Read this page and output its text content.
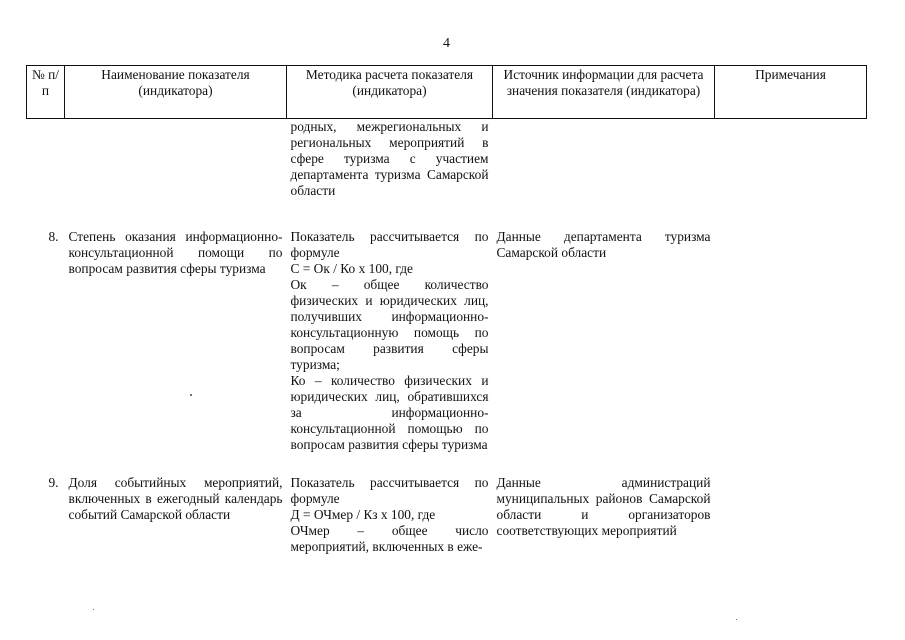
4
№ п/п	Наименование показателя (индикатора)	Методика расчета показателя (индикатора)	Источник информации для расчета значения показателя (индикатора)	Примечания
		родных, межрегиональных и региональных мероприятий в сфере туризма с участием департамента туризма Самарской области		
8.	Степень оказания информационно-консультационной помощи по вопросам развития сферы туризма	Показатель рассчитывается по формуле
С = Ок / Ко х 100, где
Ок – общее количество физических и юридических лиц, получивших информационно-консультационную помощь по вопросам развития сферы туризма;
Ко – количество физических и юридических лиц, обратившихся за информационно-консультационной помощью по вопросам развития сферы туризма	Данные департамента туризма Самарской области	
9.	Доля событийных мероприятий, включенных в ежегодный календарь событий Самарской области	Показатель рассчитывается по формуле
Д = ОЧмер / Кз х 100, где
ОЧмер – общее число мероприятий, включенных в еже-	Данные администраций муниципальных районов Самарской области и организаторов соответствующих мероприятий	
